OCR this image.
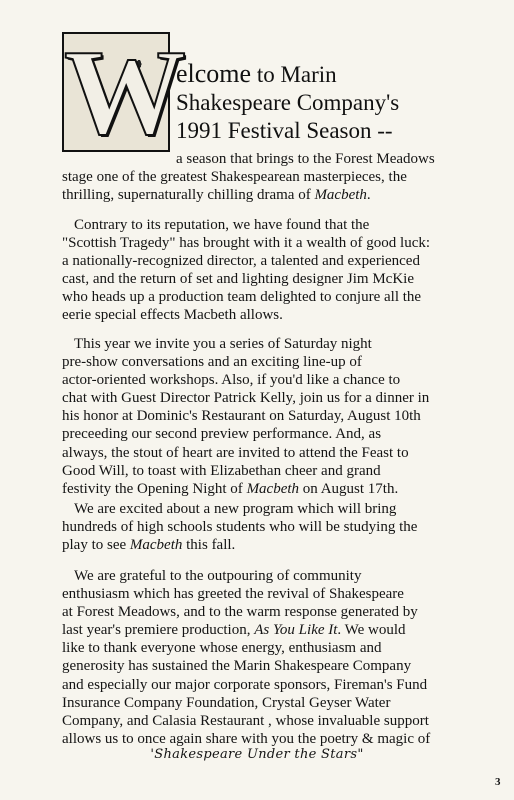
W
elcome to Marin
Shakespeare Company's
1991 Festival Season --
a season that brings to the Forest Meadows
stage one of the greatest Shakespearean masterpieces, the
thrilling, supernaturally chilling drama of Macbeth.
Contrary to its reputation, we have found that the
"Scottish Tragedy" has brought with it a wealth of good luck:
a nationally-recognized director, a talented and experienced
cast, and the return of set and lighting designer Jim McKie
who heads up a production team delighted to conjure all the
eerie special effects Macbeth allows.
This year we invite you a series of Saturday night
pre-show conversations and an exciting line-up of
actor-oriented workshops. Also, if you'd like a chance to
chat with Guest Director Patrick Kelly, join us for a dinner in
his honor at Dominic's Restaurant on Saturday, August 10th
preceeding our second preview performance. And, as
always, the stout of heart are invited to attend the Feast to
Good Will, to toast with Elizabethan cheer and grand
festivity the Opening Night of Macbeth on August 17th.
We are excited about a new program which will bring
hundreds of high schools students who will be studying the
play to see Macbeth this fall.
We are grateful to the outpouring of community
enthusiasm which has greeted the revival of Shakespeare
at Forest Meadows, and to the warm response generated by
last year's premiere production, As You Like It. We would
like to thank everyone whose energy, enthusiasm and
generosity has sustained the Marin Shakespeare Company
and especially our major corporate sponsors, Fireman's Fund
Insurance Company Foundation, Crystal Geyser Water
Company, and Calasia Restaurant , whose invaluable support
allows us to once again share with you the poetry & magic of
'Shakespeare Under the Stars"
3
